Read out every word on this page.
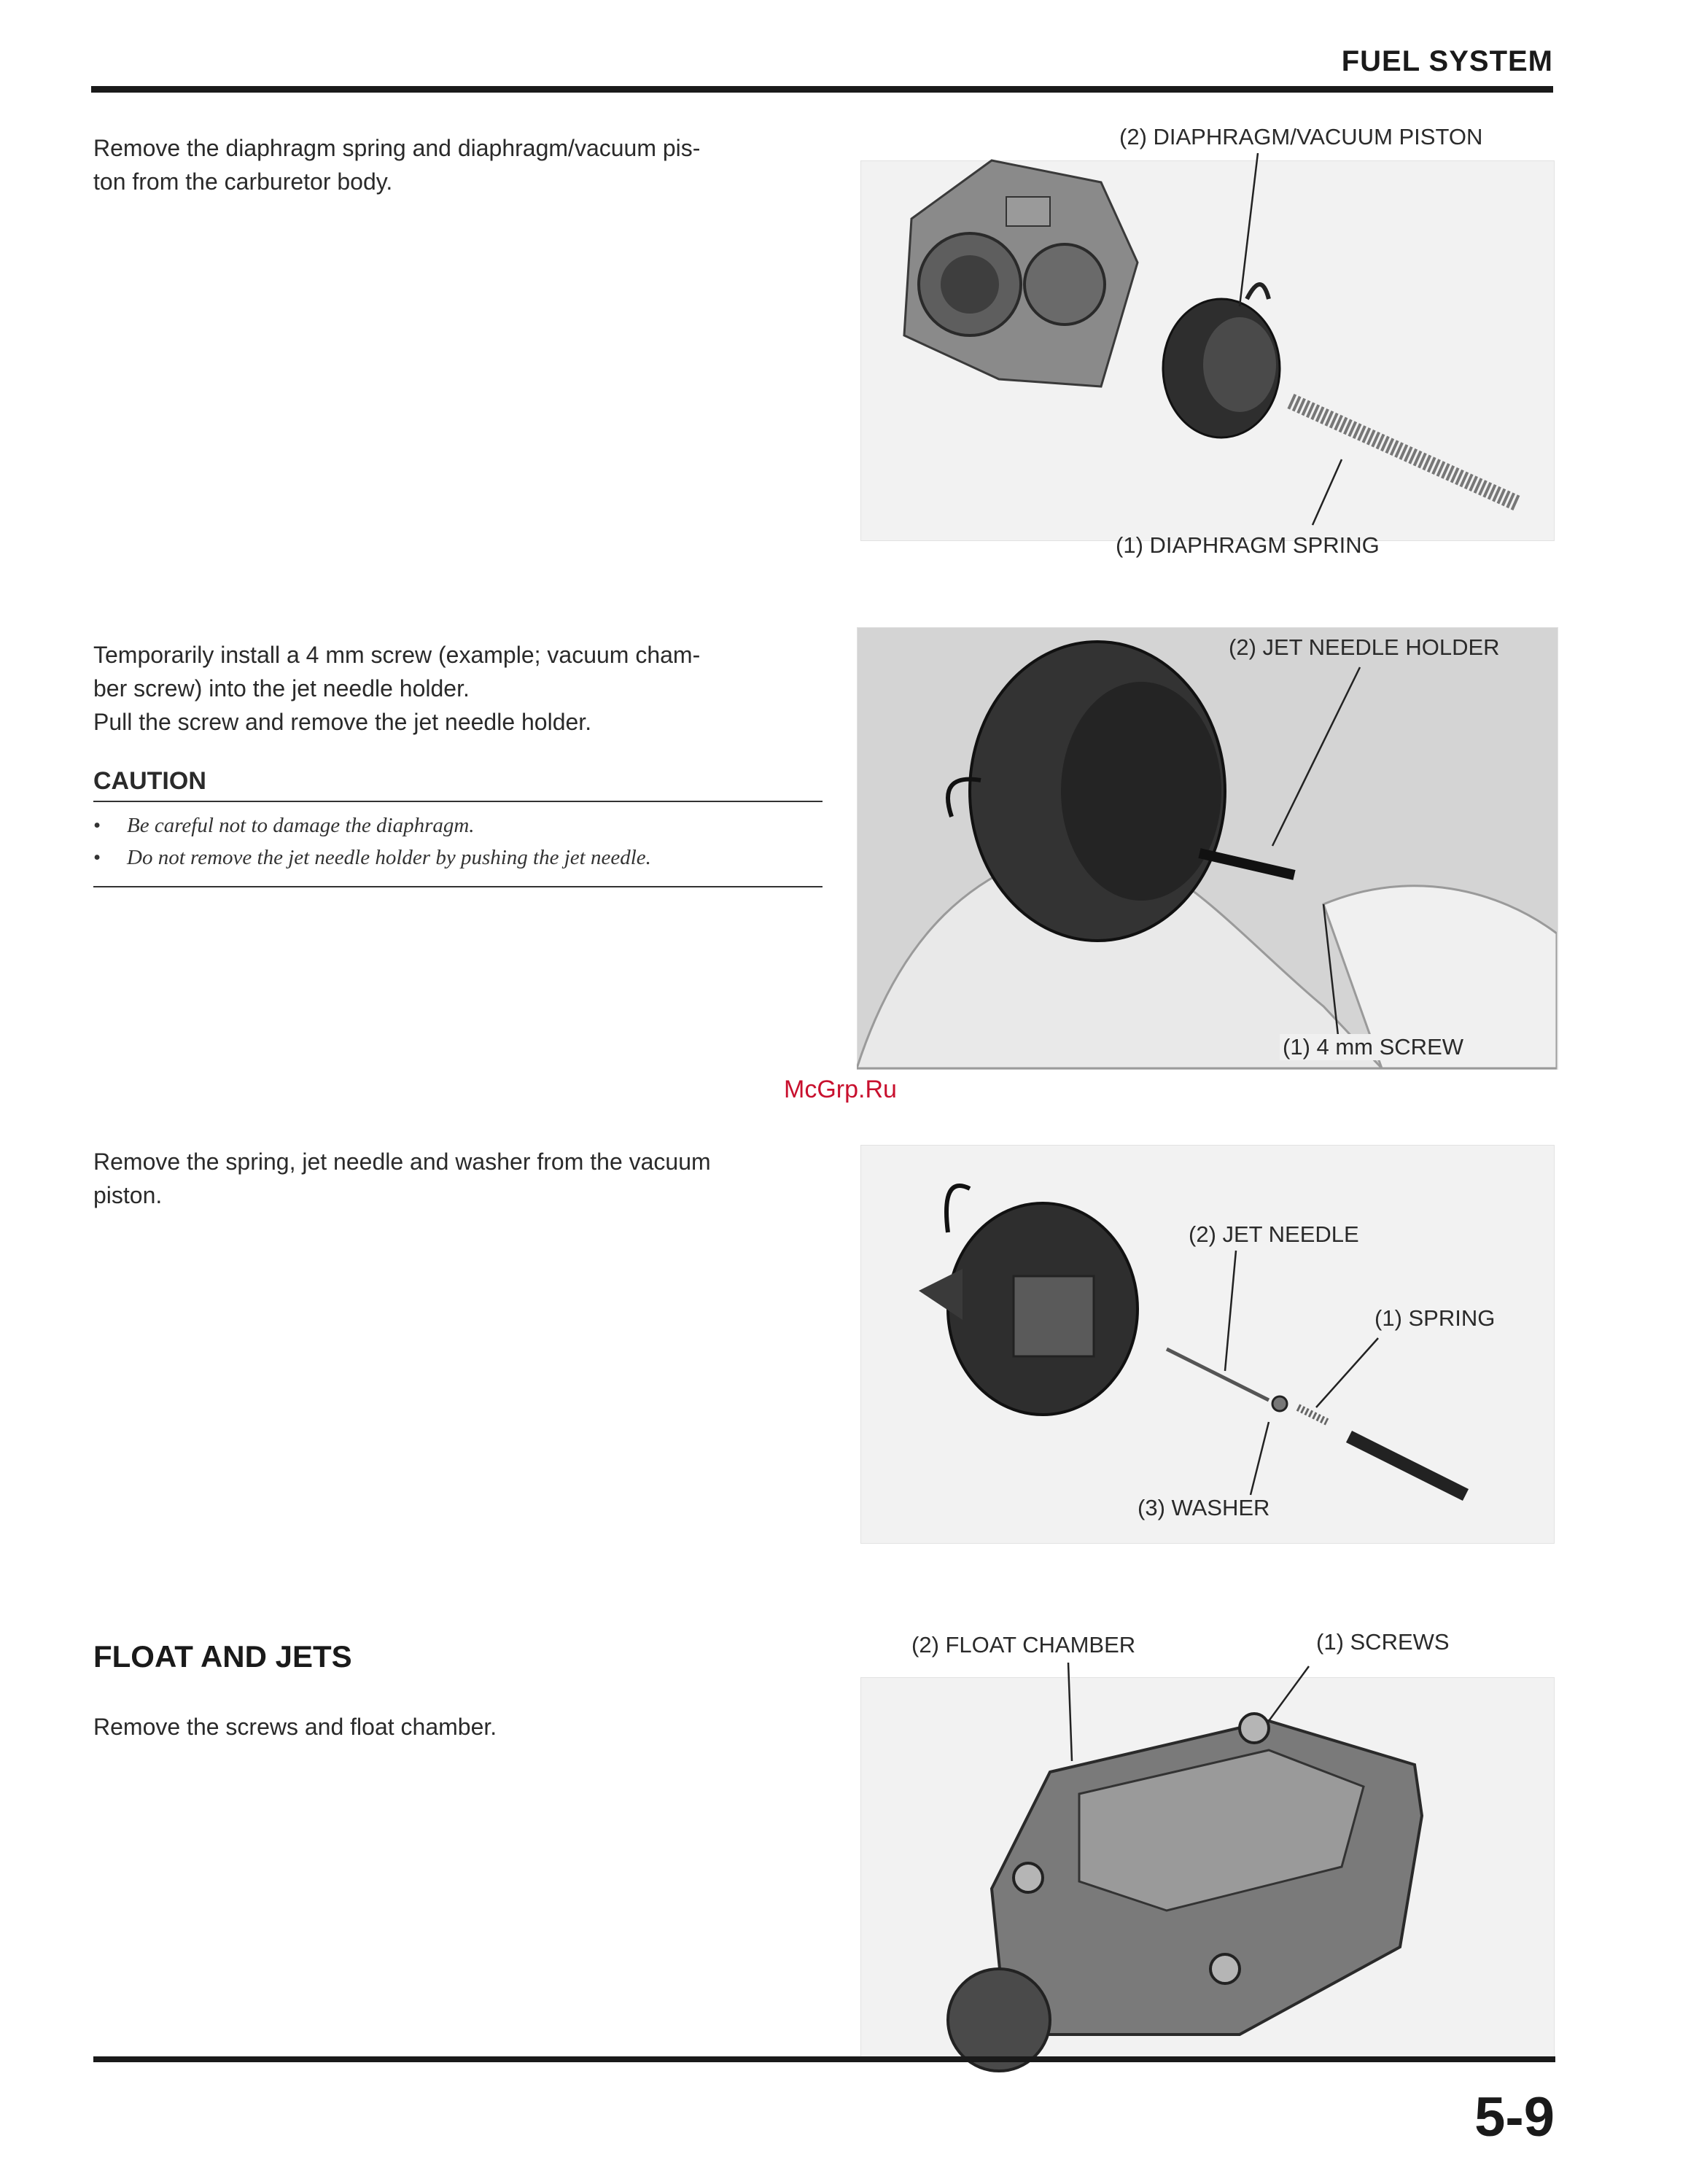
FUEL SYSTEM

Remove the diaphragm spring and diaphragm/vacuum pis-

ton from the carburetor body.

(2) DIAPHRAGM/VACUUM PISTON
(1) DIAPHRAGM SPRING

Temporarily install a 4 mm screw (example; vacuum cham-

ber screw) into the jet needle holder.

Pull the screw and remove the jet needle holder.

CAUTION
• Be careful not to damage the diaphragm.
• Do not remove the jet needle holder by pushing the jet needle.
(2) JET NEEDLE HOLDER
(1) 4 mm SCREW
McGrp.Ru

Remove the spring, jet needle and washer from the vacuum

piston.

(2) JET NEEDLE
(1) SPRING
(3) WASHER
FLOAT AND JETS

Remove the screws and float chamber.

(2) FLOAT CHAMBER	(1) SCREWS
5-9
